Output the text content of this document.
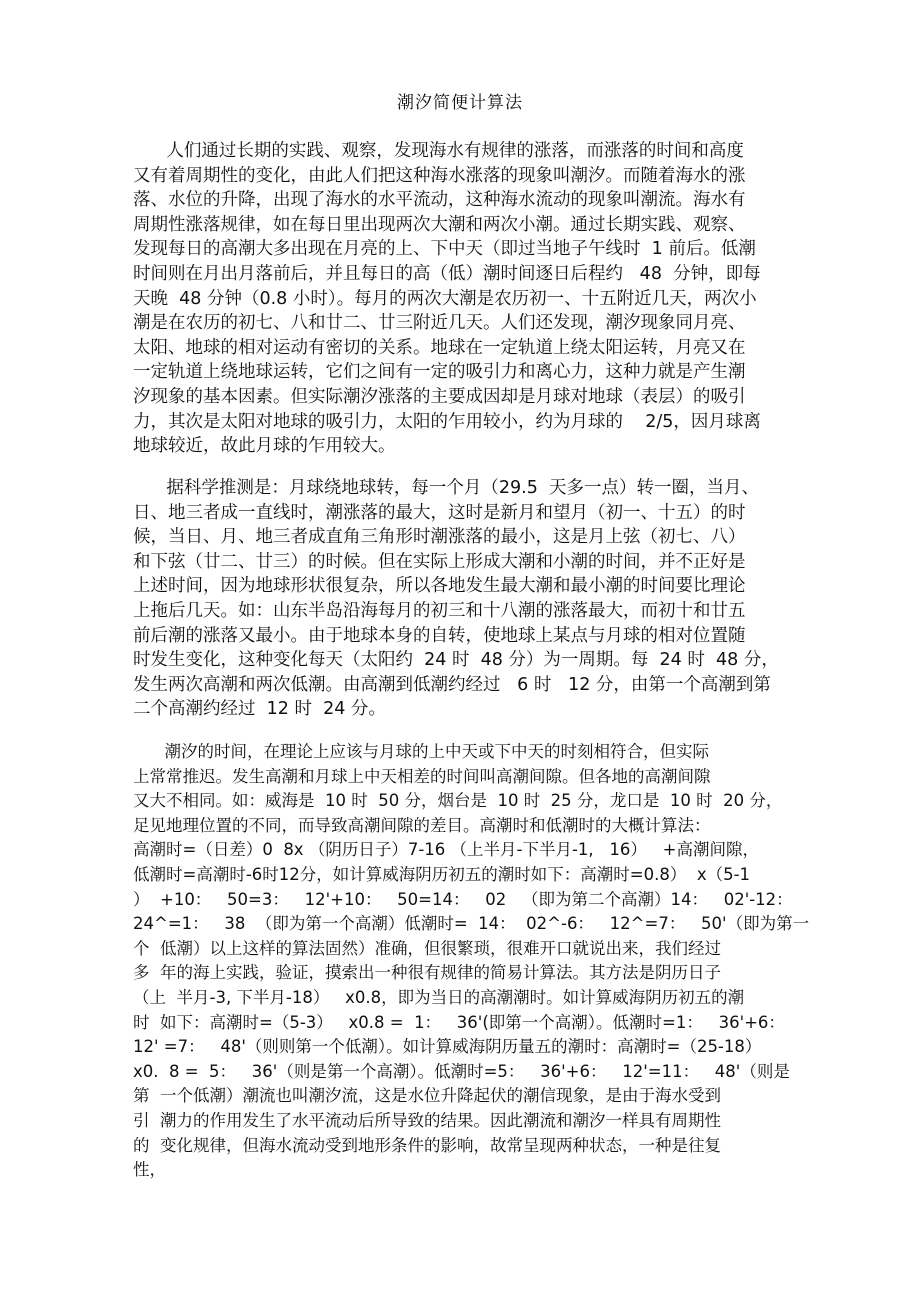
潮汐简便计算法
人们通过长期的实践、观察，发现海水有规律的涨落，而涨落的时间和高度
又有着周期性的变化，由此人们把这种海水涨落的现象叫潮汐。而随着海水的涨
落、水位的升降，出现了海水的水平流动，这种海水流动的现象叫潮流。海水有
周期性涨落规律，如在每日里出现两次大潮和两次小潮。通过长期实践、观察、
发现每日的高潮大多出现在月亮的上、下中天（即过当地子午线时  1 前后。低潮
时间则在月出月落前后，并且每日的高（低）潮时间逐日后程约   48  分钟，即每
天晚  48 分钟（0.8 小时）。每月的两次大潮是农历初一、十五附近几天，两次小
潮是在农历的初七、八和廿二、廿三附近几天。人们还发现，潮汐现象同月亮、
太阳、地球的相对运动有密切的关系。地球在一定轨道上绕太阳运转，月亮又在
一定轨道上绕地球运转，它们之间有一定的吸引力和离心力，这种力就是产生潮
汐现象的基本因素。但实际潮汐涨落的主要成因却是月球对地球（表层）的吸引
力，其次是太阳对地球的吸引力，太阳的乍用较小，约为月球的    2/5，因月球离
地球较近，故此月球的乍用较大。
据科学推测是：月球绕地球转，每一个月（29.5  天多一点）转一圈，当月、
日、地三者成一直线时，潮涨落的最大，这时是新月和望月（初一、十五）的时
候，当日、月、地三者成直角三角形时潮涨落的最小，这是月上弦（初七、八）
和下弦（廿二、廿三）的时候。但在实际上形成大潮和小潮的时间，并不正好是
上述时间，因为地球形状很复杂，所以各地发生最大潮和最小潮的时间要比理论
上拖后几天。如：山东半岛沿海每月的初三和十八潮的涨落最大，而初十和廿五
前后潮的涨落又最小。由于地球本身的自转，使地球上某点与月球的相对位置随
时发生变化，这种变化每天（太阳约  24 时  48 分）为一周期。每  24 时  48 分，
发生两次高潮和两次低潮。由高潮到低潮约经过   6 时   12 分，由第一个高潮到第
二个高潮约经过  12 时  24 分。
潮汐的时间，在理论上应该与月球的上中天或下中天的时刻相符合，但实际
上常常推迟。发生高潮和月球上中天相差的时间叫高潮间隙。但各地的高潮间隙
又大不相同。如：威海是  10 时  50 分，烟台是  10 时  25 分，龙口是  10 时  20 分，
足见地理位置的不同，而导致高潮间隙的差目。高潮时和低潮时的大概计算法：
高潮时=（日差）0  8x （阴历日子）7-16 （上半月-下半月-1,   16）   +高潮间隙，
低潮时=高潮时-6时12分，如计算威海阴历初五的潮时如下：高潮时=0.8）  x（5-1
）  +10：   50=3：   12'+10：   50=14：   02   （即为第二个高潮）14：   02'-12：
24^=1：   38  （即为第一个高潮）低潮时=  14：  02^-6：   12^=7：   50'（即为第一
个  低潮）以上这样的算法固然）准确，但很繁琐，很难开口就说出来，我们经过
多  年的海上实践，验证，摸索出一种很有规律的简易计算法。其方法是阴历日子
（上  半月-3, 下半月-18）   x0.8，即为当日的高潮潮时。如计算威海阴历初五的潮
时  如下：高潮时=（5-3）   x0.8 =  1：   36'(即第一个高潮）。低潮时=1：   36'+6：
12' =7：   48'（则则第一个低潮）。如计算威海阴历量五的潮时：高潮时=（25-18）
x0.  8 =  5：   36'（则是第一个高潮）。低潮时=5：   36'+6：   12'=11：   48'（则是
第  一个低潮）潮流也叫潮汐流，这是水位升降起伏的潮信现象，是由于海水受到
引  潮力的作用发生了水平流动后所导致的结果。因此潮流和潮汐一样具有周期性
的  变化规律，但海水流动受到地形条件的影响，故常呈现两种状态，一种是往复
性，
